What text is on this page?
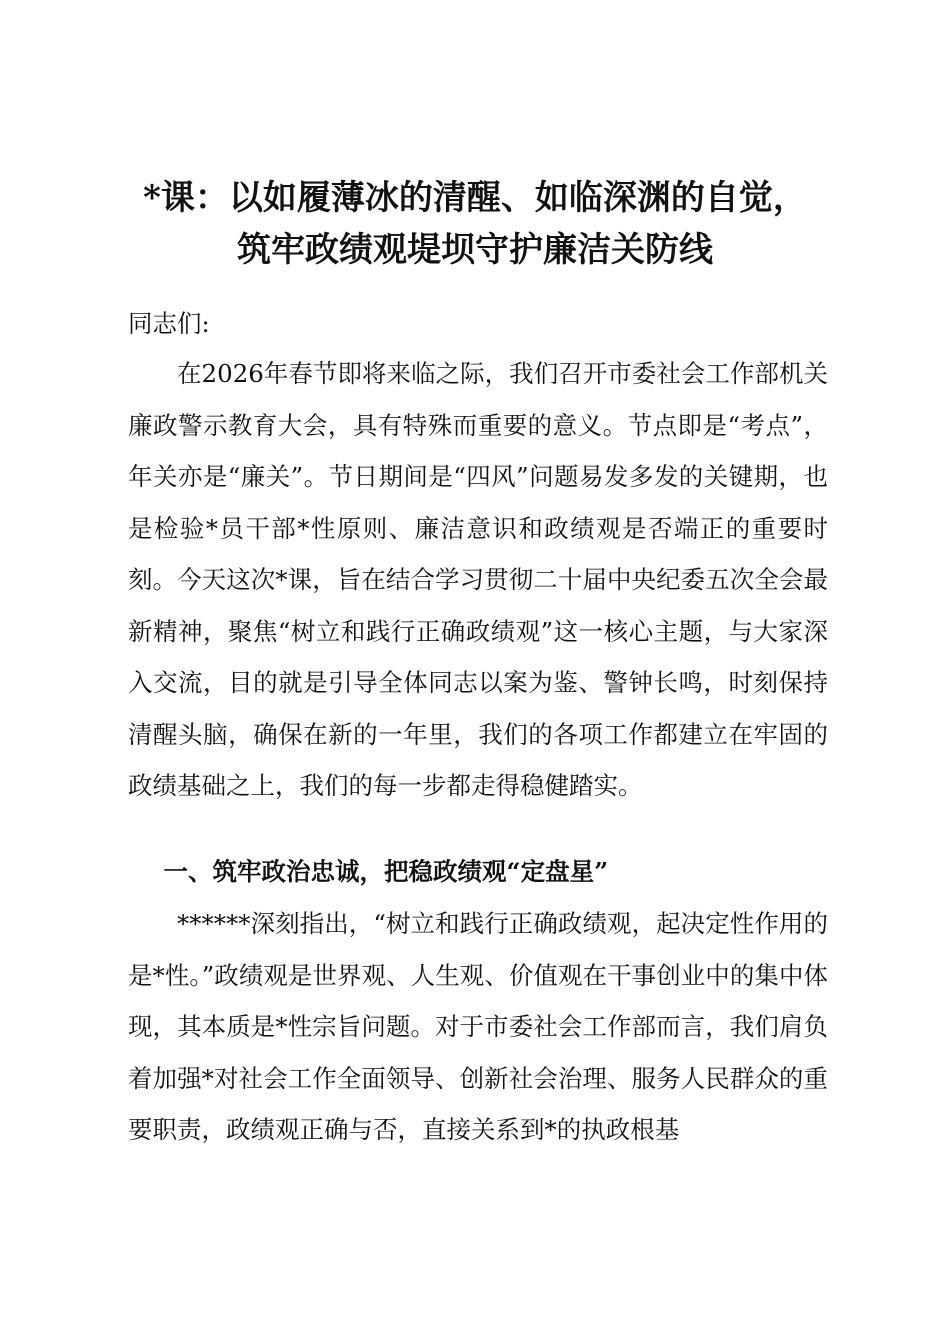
*课：以如履薄冰的清醒、如临深渊的自觉，
筑牢政绩观堤坝守护廉洁关防线
同志们:
在2026年春节即将来临之际，我们召开市委社会工作部机关廉政警示教育大会，具有特殊而重要的意义。节点即是“考点”，年关亦是“廉关”。节日期间是“四风”问题易发多发的关键期，也是检验*员干部*性原则、廉洁意识和政绩观是否端正的重要时刻。今天这次*课，旨在结合学习贯彻二十届中央纪委五次全会最新精神，聚焦“树立和践行正确政绩观”这一核心主题，与大家深入交流，目的就是引导全体同志以案为鉴、警钟长鸣，时刻保持清醒头脑，确保在新的一年里，我们的各项工作都建立在牢固的政绩基础之上，我们的每一步都走得稳健踏实。
一、筑牢政治忠诚，把稳政绩观“定盘星”
******深刻指出，“树立和践行正确政绩观，起决定性作用的是*性。”政绩观是世界观、人生观、价值观在干事创业中的集中体现，其本质是*性宗旨问题。对于市委社会工作部而言，我们肩负着加强*对社会工作全面领导、创新社会治理、服务人民群众的重要职责，政绩观正确与否，直接关系到*的执政根基
